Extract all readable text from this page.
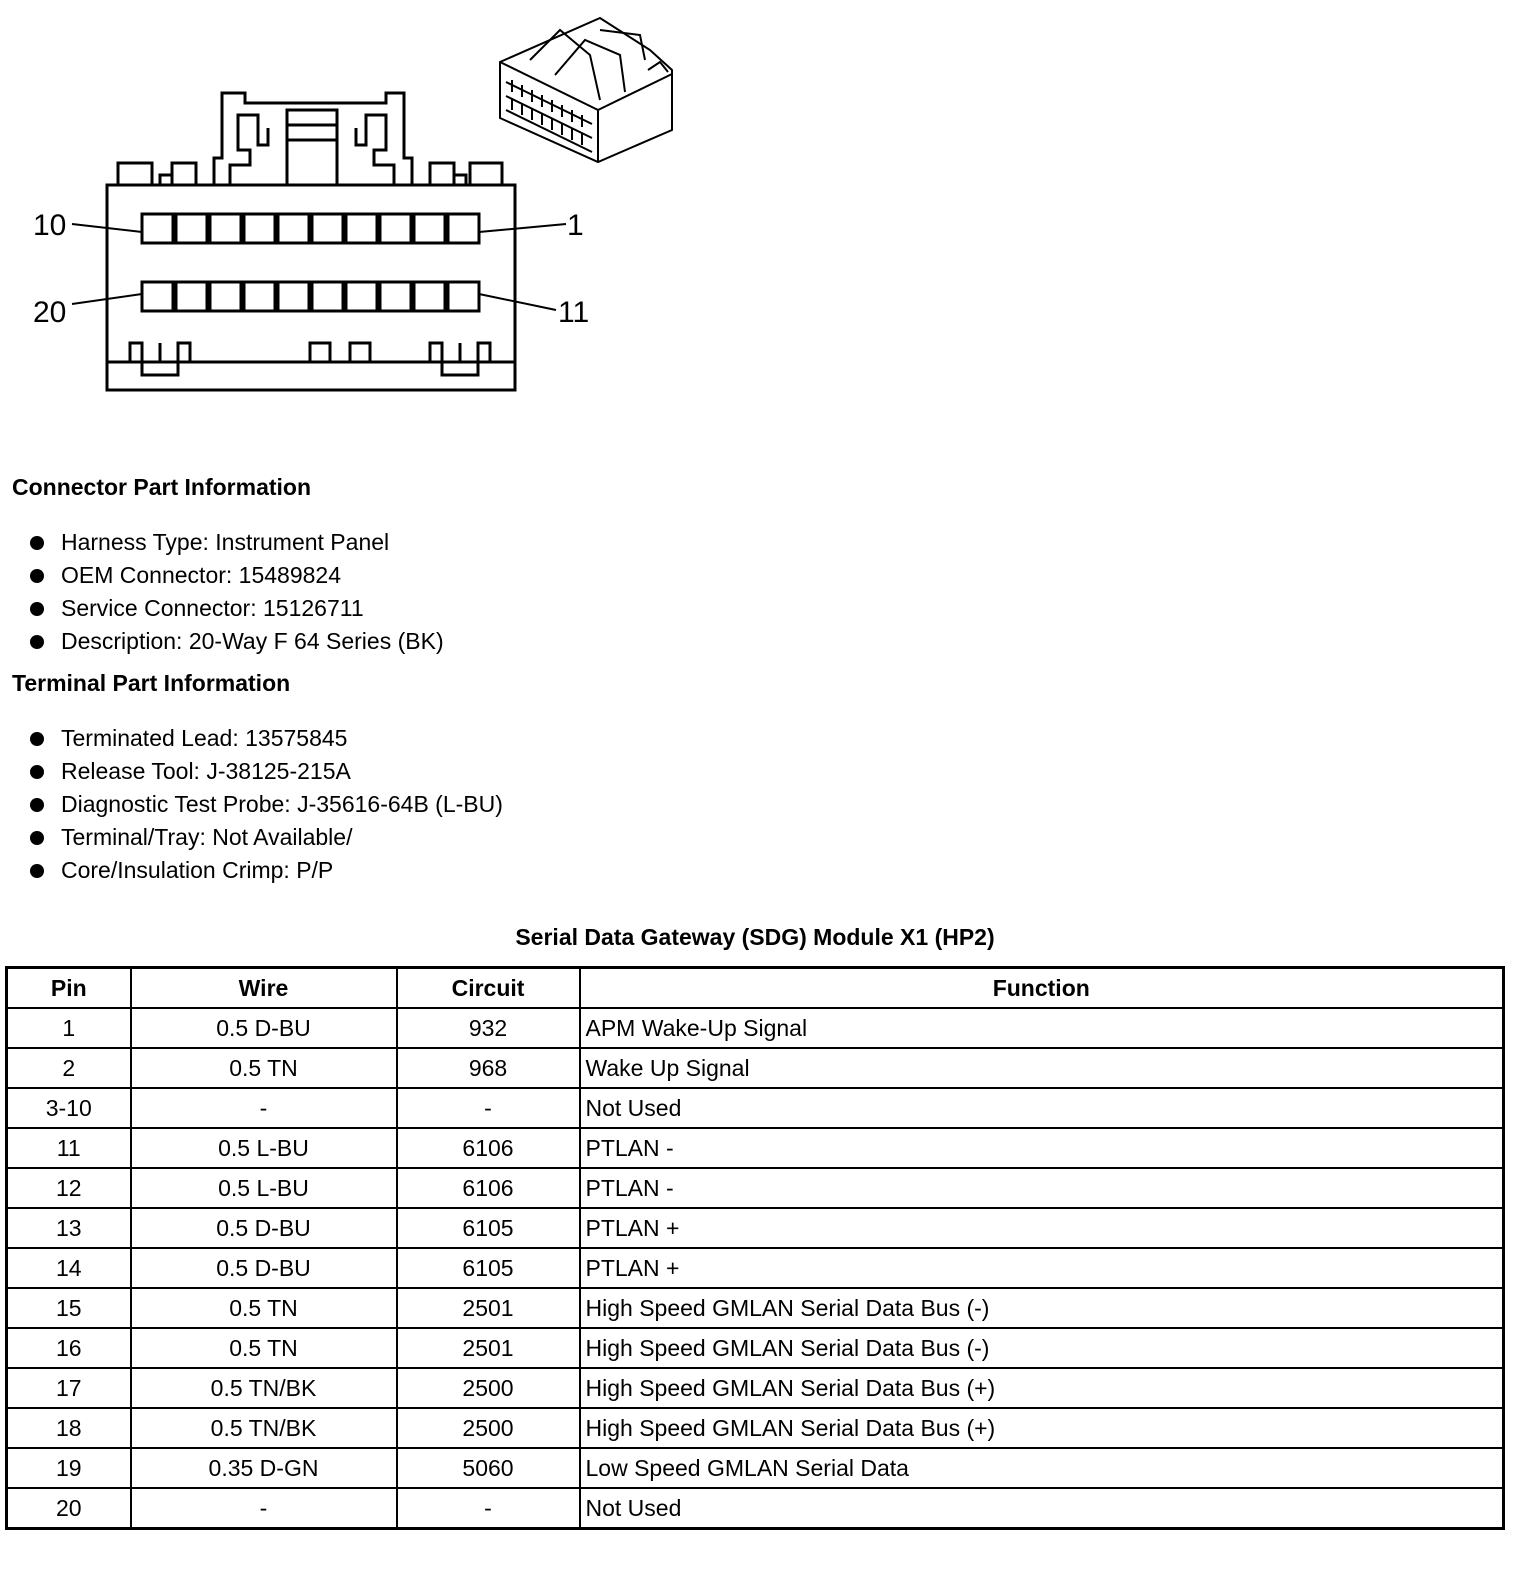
10	1
20	11
Connector Part Information
Harness Type: Instrument Panel
OEM Connector: 15489824
Service Connector: 15126711
Description: 20-Way F 64 Series (BK)
Terminal Part Information
Terminated Lead: 13575845
Release Tool: J-38125-215A
Diagnostic Test Probe: J-35616-64B (L-BU)
Terminal/Tray: Not Available/
Core/Insulation Crimp: P/P
Serial Data Gateway (SDG) Module X1 (HP2)
Pin	Wire	Circuit	Function
1	0.5 D-BU	932	APM Wake-Up Signal
2	0.5 TN	968	Wake Up Signal
3-10	-	-	Not Used
11	0.5 L-BU	6106	PTLAN -
12	0.5 L-BU	6106	PTLAN -
13	0.5 D-BU	6105	PTLAN +
14	0.5 D-BU	6105	PTLAN +
15	0.5 TN	2501	High Speed GMLAN Serial Data Bus (-)
16	0.5 TN	2501	High Speed GMLAN Serial Data Bus (-)
17	0.5 TN/BK	2500	High Speed GMLAN Serial Data Bus (+)
18	0.5 TN/BK	2500	High Speed GMLAN Serial Data Bus (+)
19	0.35 D-GN	5060	Low Speed GMLAN Serial Data
20	-	-	Not Used
